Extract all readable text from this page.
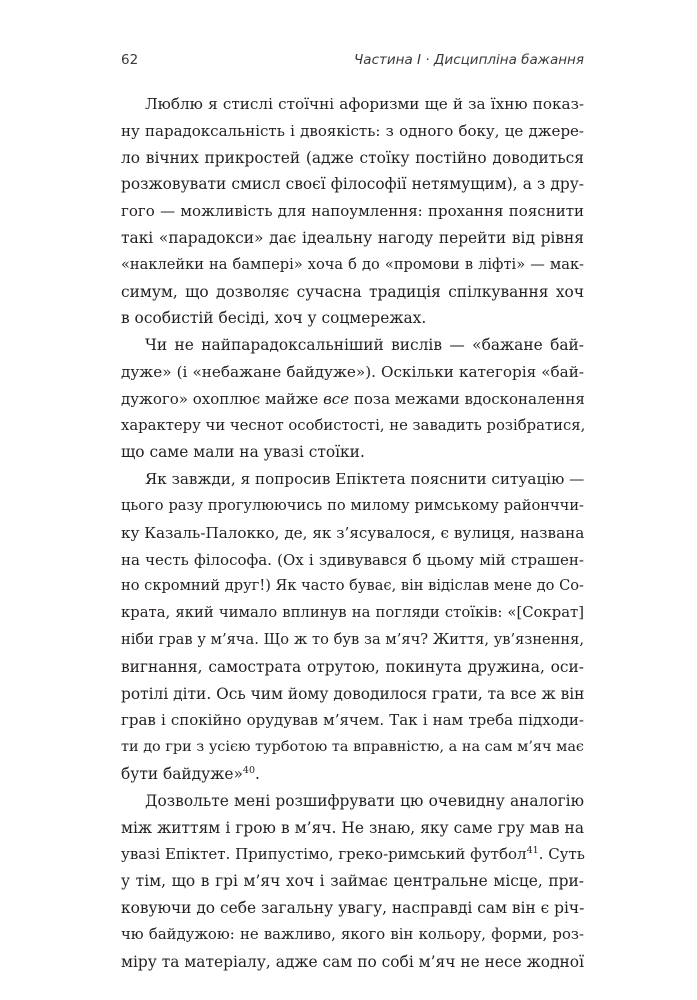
62	Частина I · Дисципліна бажання
Люблю я стислі стоїчні афоризми ще й за їхню показ-
ну парадоксальність і двоякість: з одного боку, це джере-
ло вічних прикростей (адже стоїку постійно доводиться
розжовувати смисл своєї філософії нетямущим), а з дру-
гого — можливість для напоумлення: прохання пояснити
такі «парадокси» дає ідеальну нагоду перейти від рівня
«наклейки на бампері» хоча б до «промови в ліфті» — мак-
симум, що дозволяє сучасна традиція спілкування хоч
в особистій бесіді, хоч у соцмережах.
Чи не найпарадоксальніший вислів — «бажане бай-
дуже» (і «небажане байдуже»). Оскільки категорія «бай-
дужого» охоплює майже все поза межами вдосконалення
характеру чи чеснот особистості, не завадить розібратися,
що саме мали на увазі стоїки.
Як завжди, я попросив Епіктета пояснити ситуацію —
цього разу прогулюючись по милому римському районччи-
ку Казаль-Палокко, де, як з’ясувалося, є вулиця, названа
на честь філософа. (Ох і здивувався б цьому мій страшен-
но скромний друг!) Як часто буває, він відіслав мене до Со-
крата, який чимало вплинув на погляди стоїків: «[Сократ]
ніби грав у м’яча. Що ж то був за м’яч? Життя, ув’язнення,
вигнання, самострата отрутою, покинута дружина, оси-
ротілі діти. Ось чим йому доводилося грати, та все ж він
грав і спокійно орудував м’ячем. Так і нам треба підходи-
ти до гри з усією турботою та вправністю, а на сам м’яч має
бути байдуже»$^{40}$.
Дозвольте мені розшифрувати цю очевидну аналогію
між життям і грою в м’яч. Не знаю, яку саме гру мав на
увазі Епіктет. Припустімо, греко-римський футбол$^{41}$. Суть
у тім, що в грі м’яч хоч і займає центральне місце, при-
ковуючи до себе загальну увагу, насправді сам він є річ-
чю байдужою: не важливо, якого він кольору, форми, роз-
міру та матеріалу, адже сам по собі м’яч не несе жодної
